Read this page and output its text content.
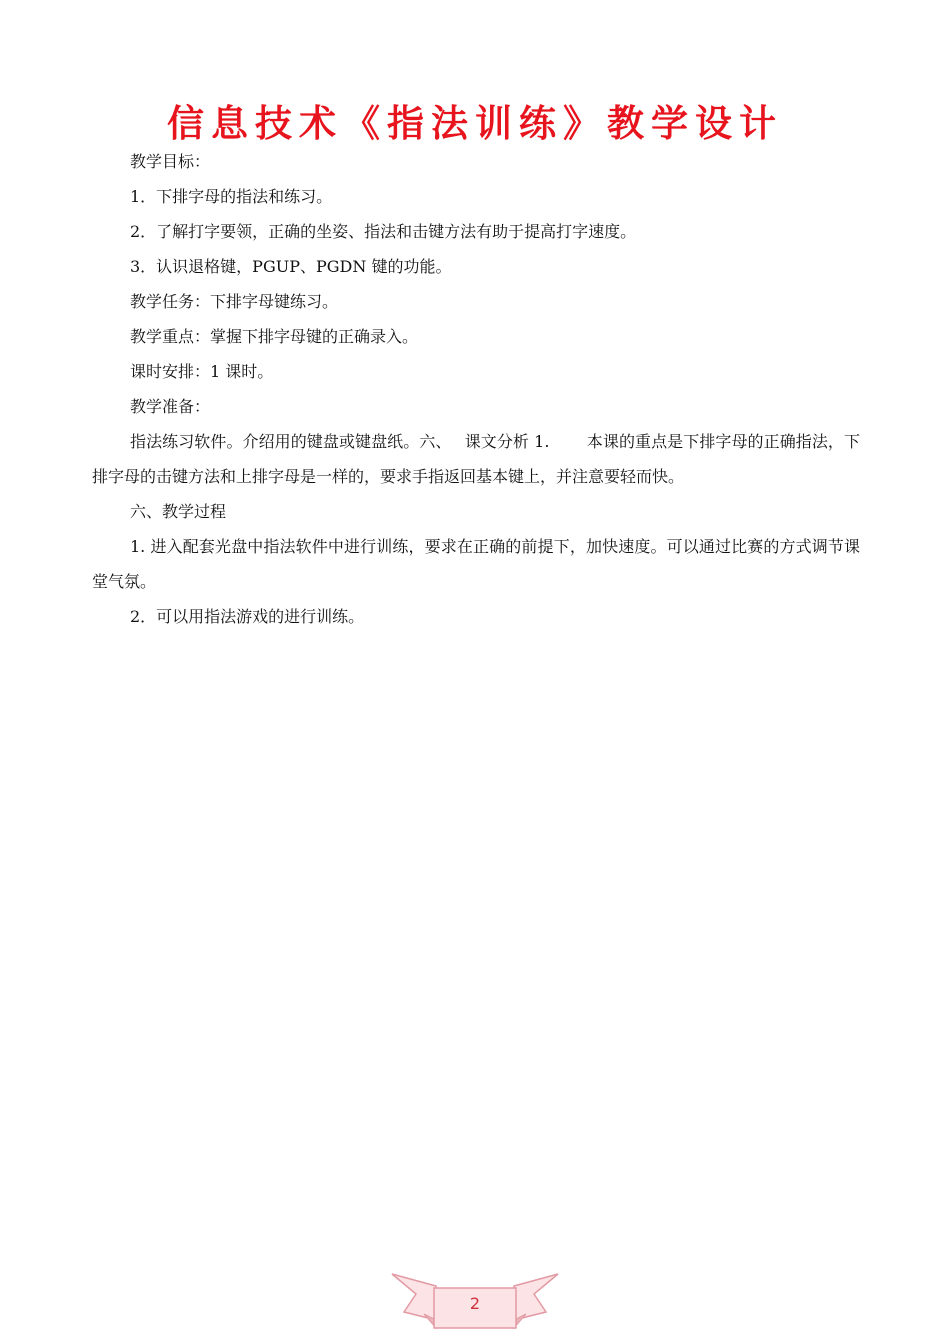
信息技术《指法训练》教学设计

教学目标：

1．下排字母的指法和练习。

2．了解打字要领，正确的坐姿、指法和击键方法有助于提高打字速度。

3．认识退格键，PGUP、PGDN 键的功能。

教学任务：下排字母键练习。

教学重点：掌握下排字母键的正确录入。

课时安排：1 课时。

教学准备：

指法练习软件。介绍用的键盘或键盘纸。六、　 课文分析 1.　　 本课的重点是下排字母的正确指法，下排字母的击键方法和上排字母是一样的，要求手指返回基本键上，并注意要轻而快。

六、教学过程

1. 进入配套光盘中指法软件中进行训练，要求在正确的前提下，加快速度。可以通过比赛的方式调节课堂气氛。

2．可以用指法游戏的进行训练。

2
